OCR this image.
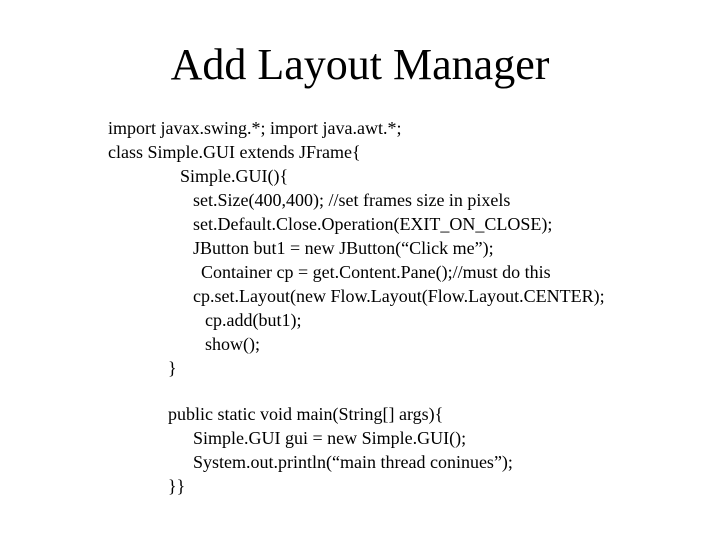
Add Layout Manager
import javax.swing.*; import java.awt.*;
class Simple.GUI extends JFrame{
Simple.GUI(){
set.Size(400,400); //set frames size in pixels
set.Default.Close.Operation(EXIT_ON_CLOSE);
JButton but1 = new JButton(“Click me”);
Container cp = get.Content.Pane();//must do this
cp.set.Layout(new Flow.Layout(Flow.Layout.CENTER);
cp.add(but1);
show();
}
public static void main(String[] args){
Simple.GUI gui = new Simple.GUI();
System.out.println(“main thread coninues”);
}}
